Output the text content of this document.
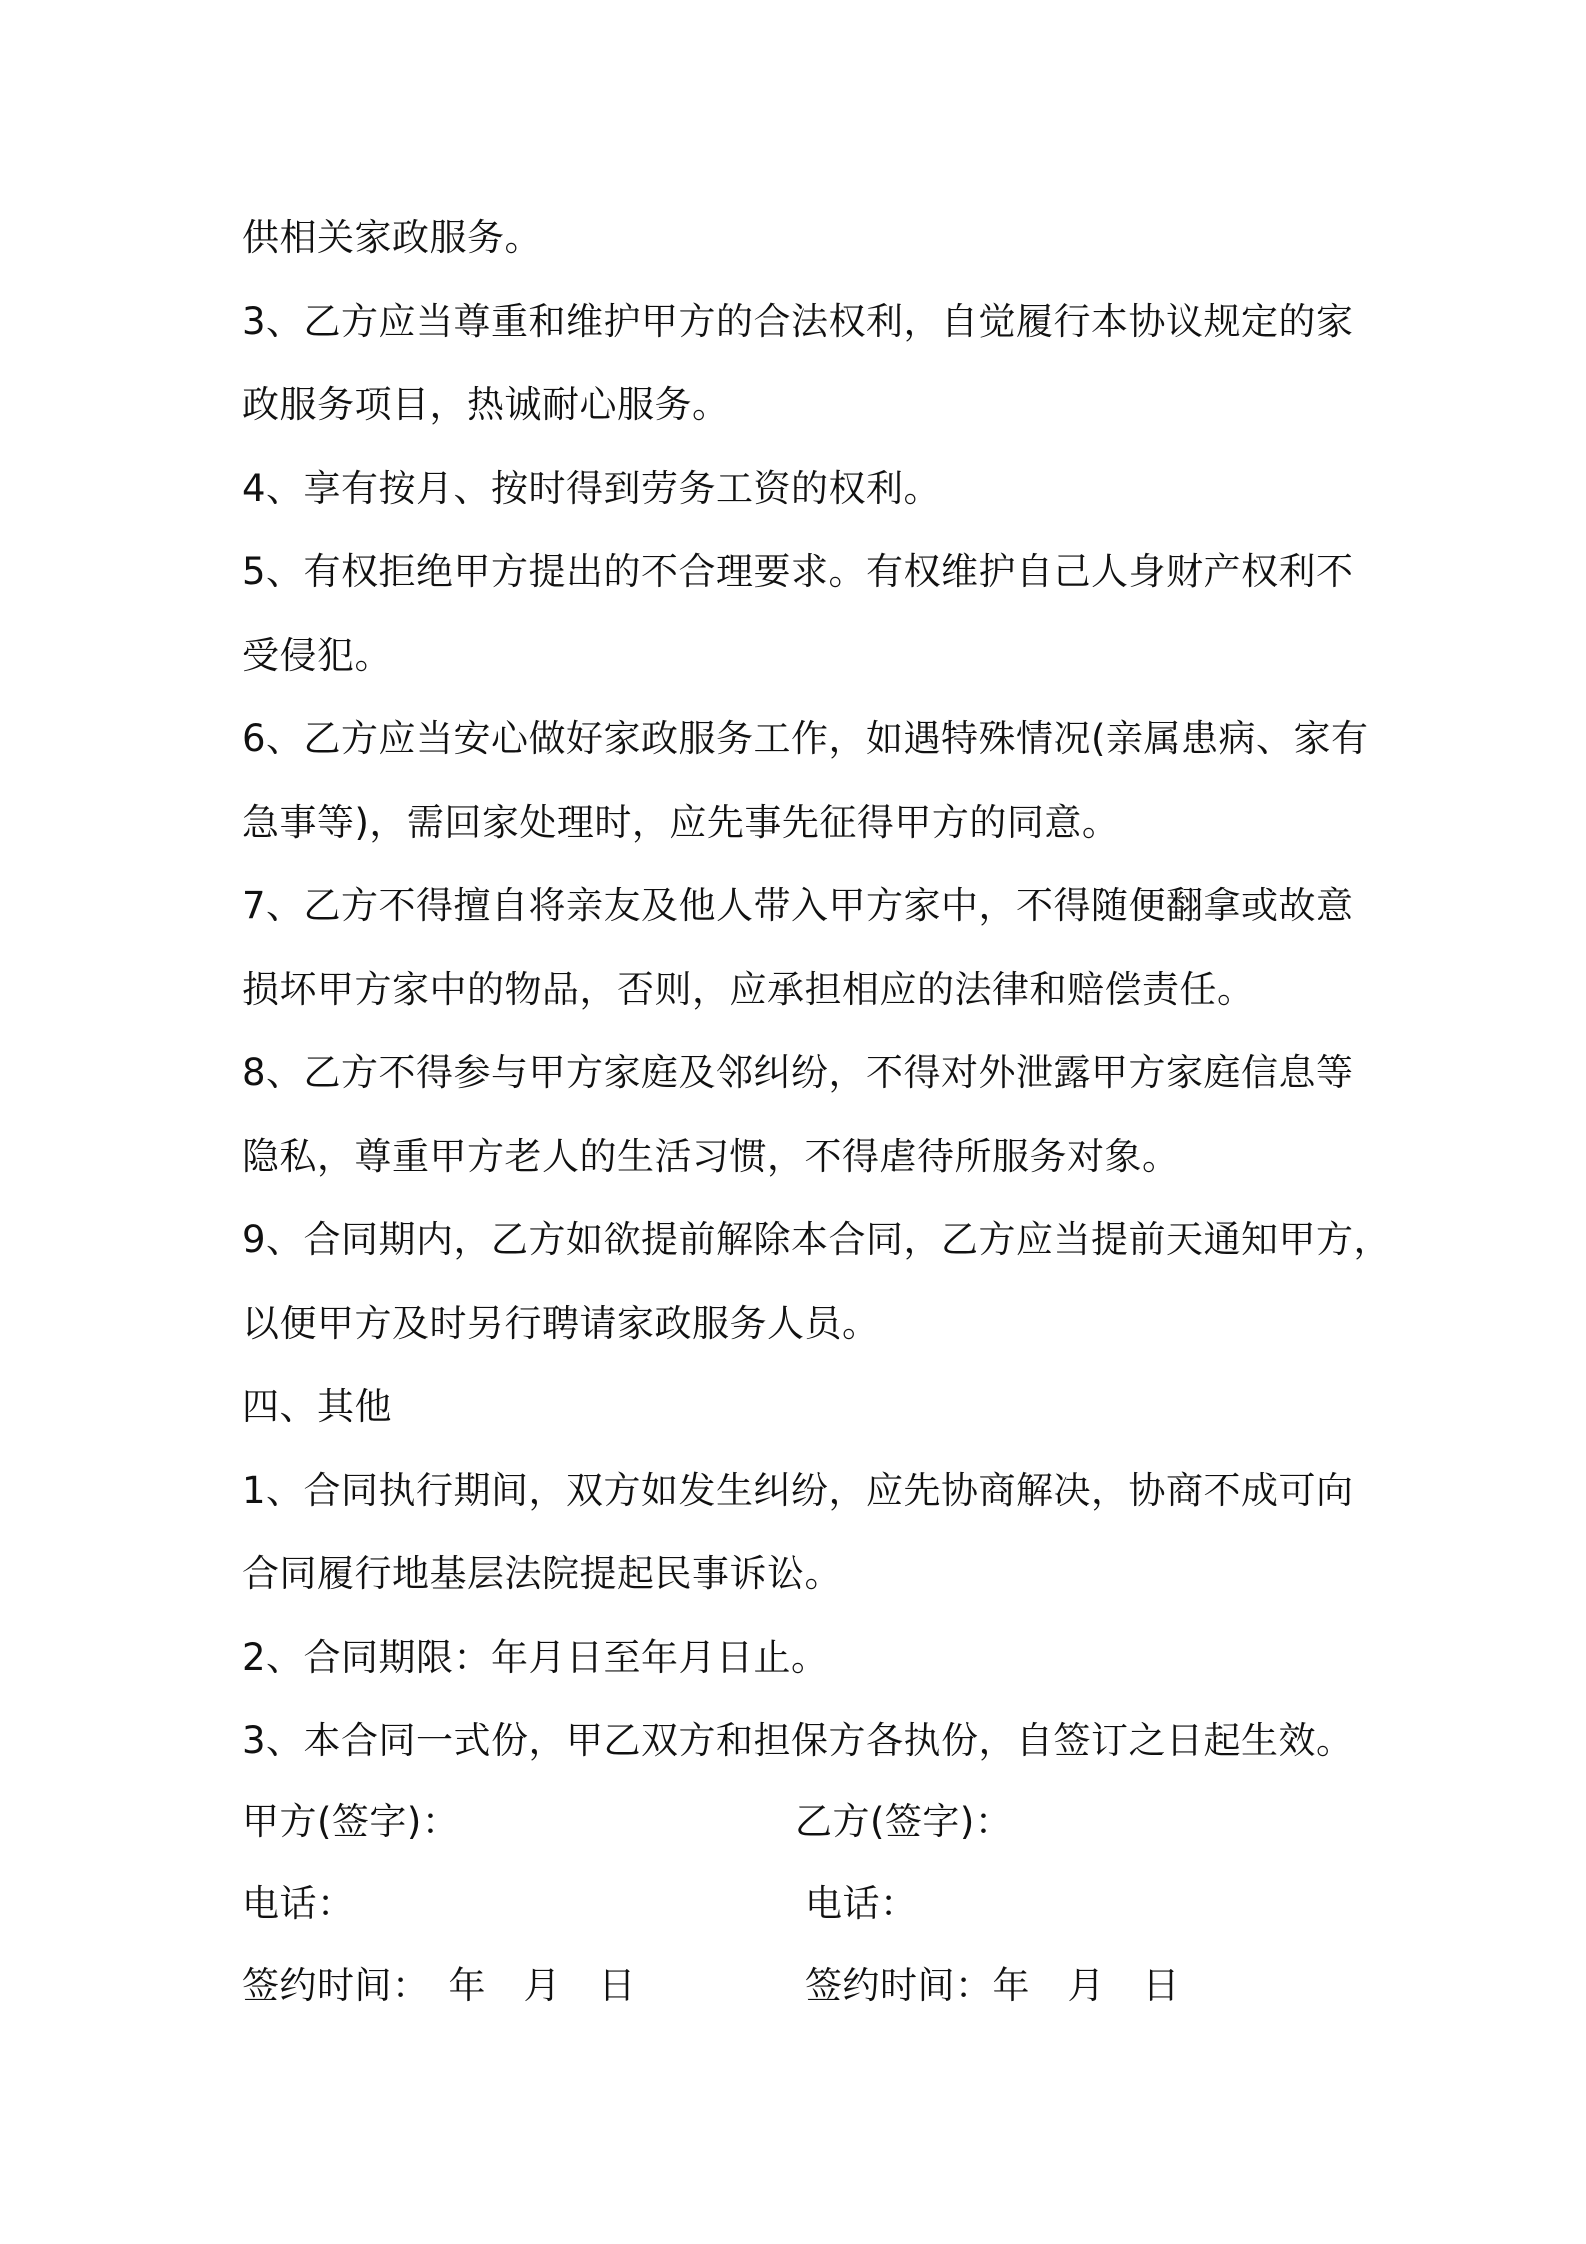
供相关家政服务。
3、乙方应当尊重和维护甲方的合法权利，自觉履行本协议规定的家
政服务项目，热诚耐心服务。
4、享有按月、按时得到劳务工资的权利。
5、有权拒绝甲方提出的不合理要求。有权维护自己人身财产权利不
受侵犯。
6、乙方应当安心做好家政服务工作，如遇特殊情况(亲属患病、家有
急事等)，需回家处理时，应先事先征得甲方的同意。
7、乙方不得擅自将亲友及他人带入甲方家中，不得随便翻拿或故意
损坏甲方家中的物品，否则，应承担相应的法律和赔偿责任。
8、乙方不得参与甲方家庭及邻纠纷，不得对外泄露甲方家庭信息等
隐私，尊重甲方老人的生活习惯，不得虐待所服务对象。
9、合同期内，乙方如欲提前解除本合同，乙方应当提前天通知甲方，
以便甲方及时另行聘请家政服务人员。
四、其他
1、合同执行期间，双方如发生纠纷，应先协商解决，协商不成可向
合同履行地基层法院提起民事诉讼。
2、合同期限：年月日至年月日止。
3、本合同一式份，甲乙双方和担保方各执份，自签订之日起生效。
甲方(签字)：	乙方(签字)：
电话：	电话：
签约时间：　年　月　日	签约时间：年　月　日
